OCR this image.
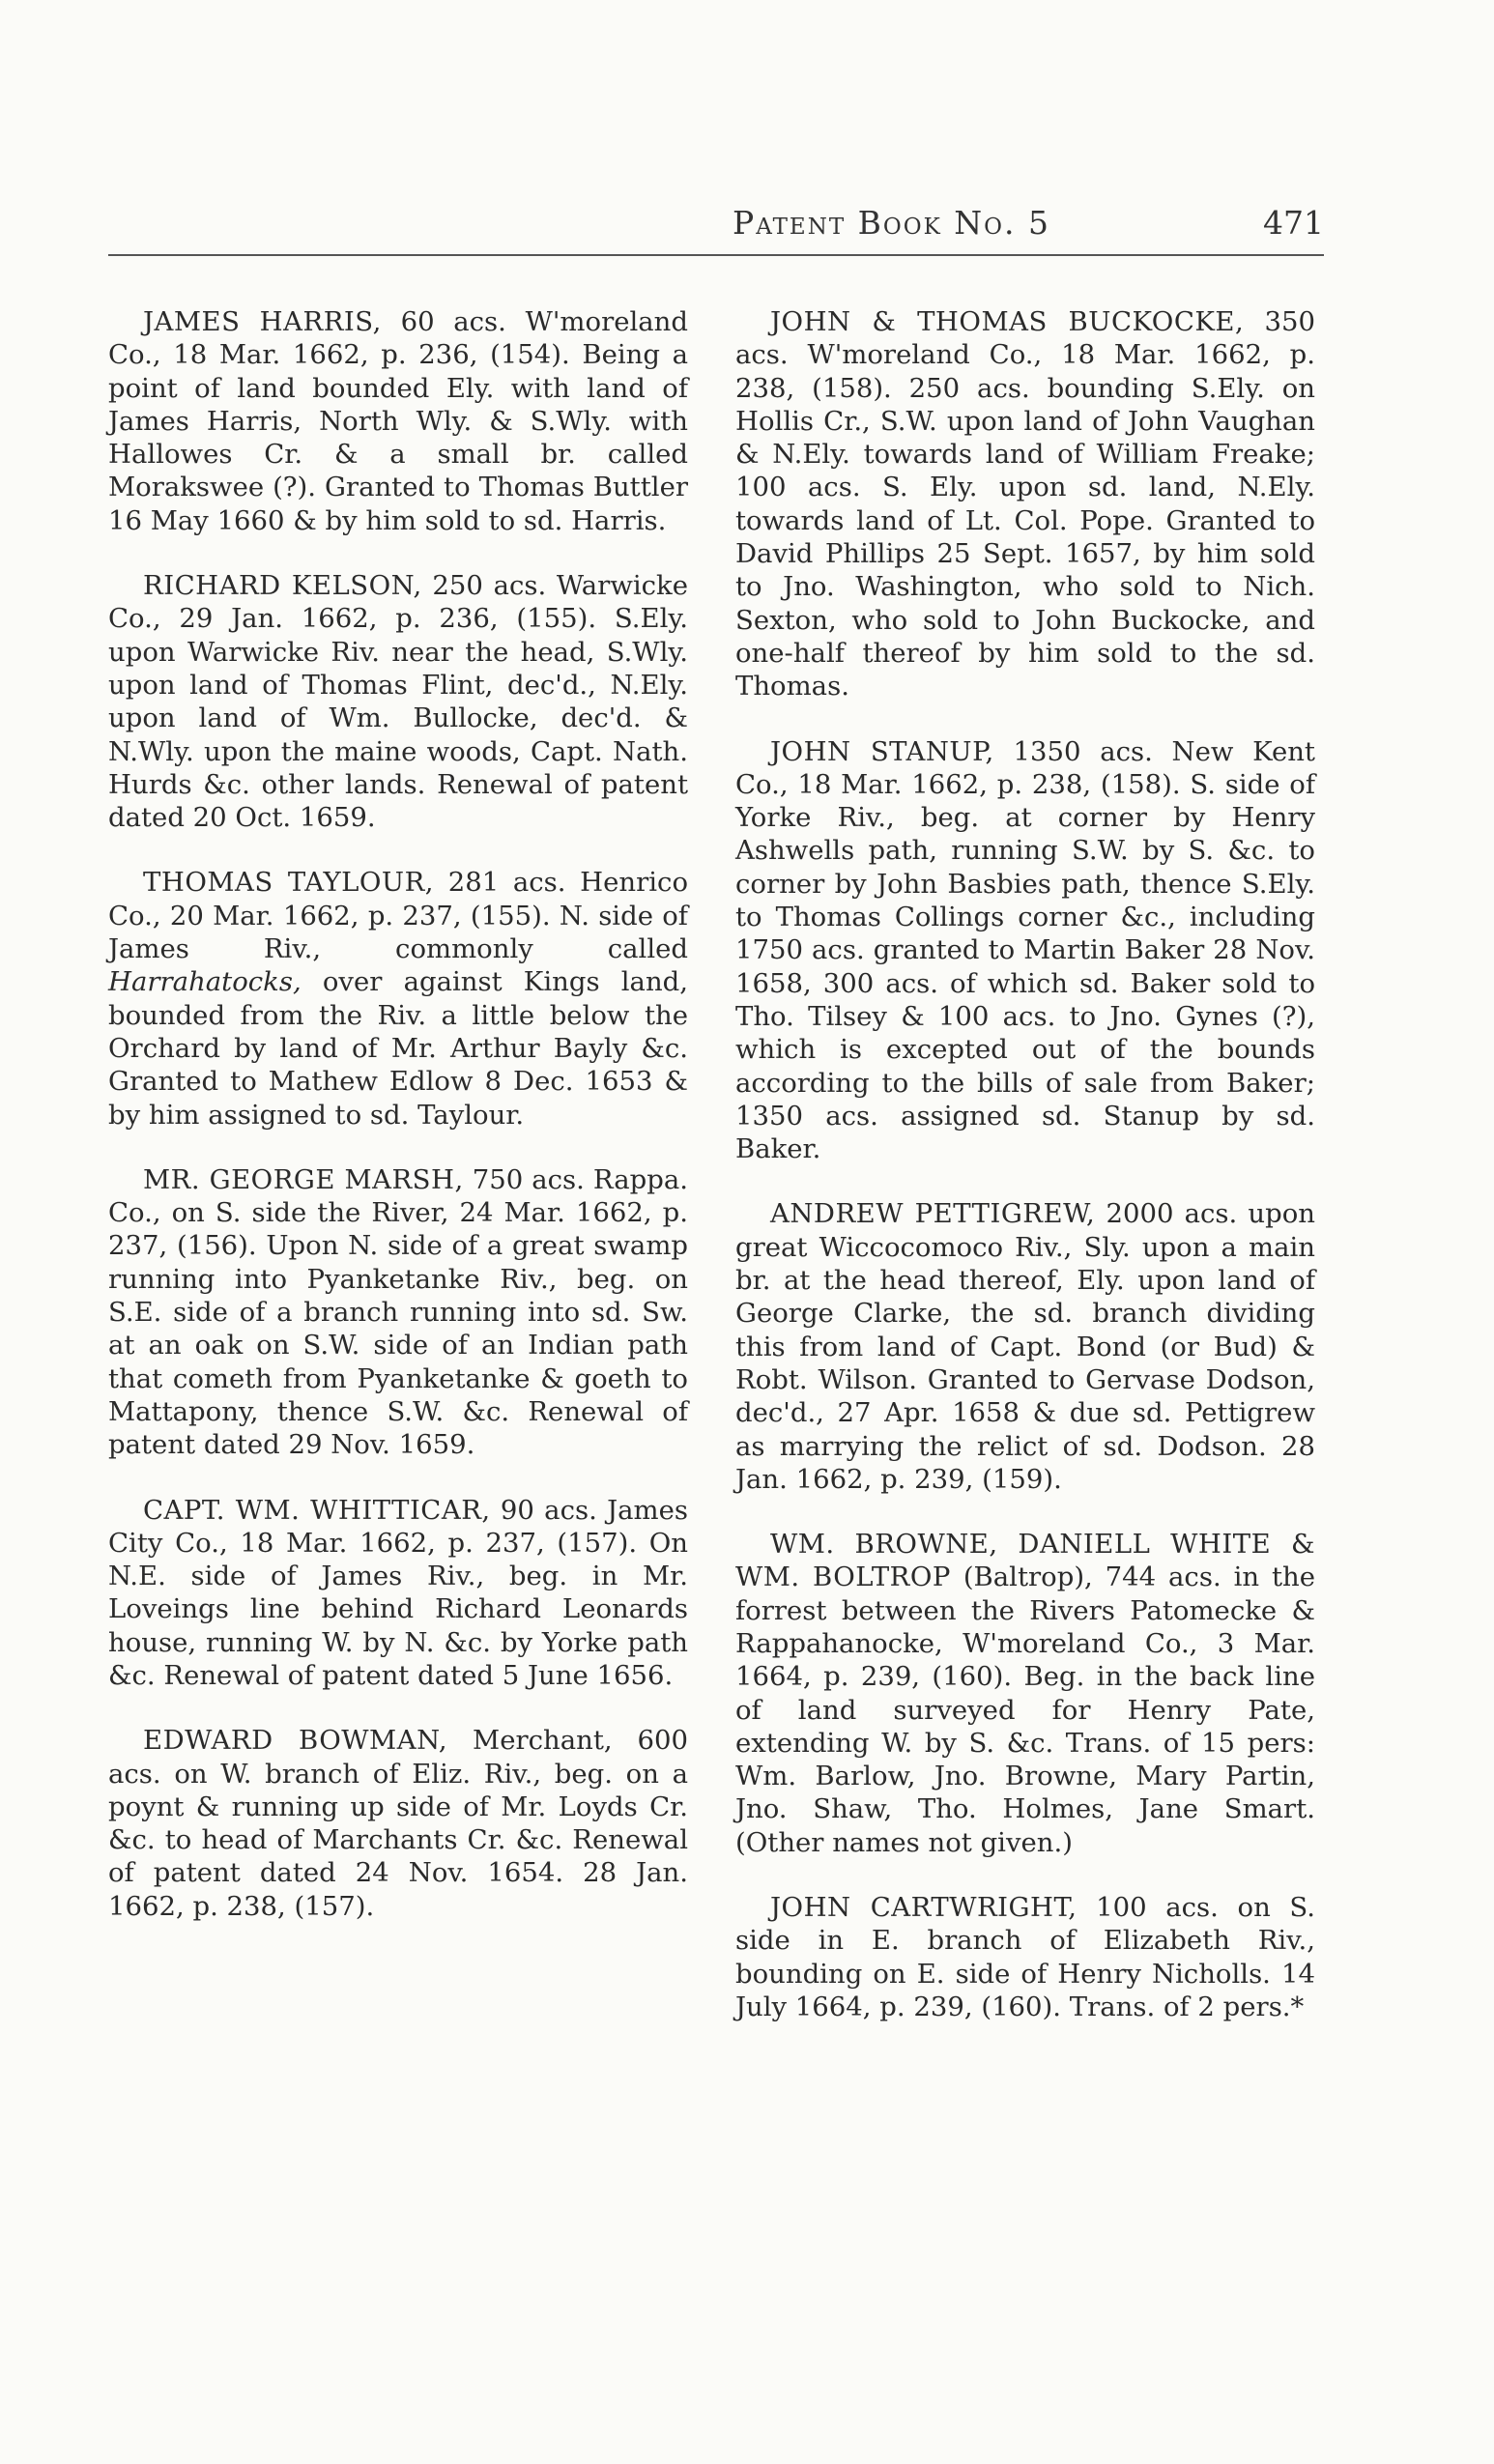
Patent Book No. 5	471

JAMES HARRIS, 60 acs. W'moreland Co., 18 Mar. 1662, p. 236, (154). Being a point of land bounded Ely. with land of James Harris, North Wly. & S.Wly. with Hallowes Cr. & a small br. called Morakswee (?). Granted to Thomas Buttler 16 May 1660 & by him sold to sd. Harris.

RICHARD KELSON, 250 acs. Warwicke Co., 29 Jan. 1662, p. 236, (155). S.Ely. upon Warwicke Riv. near the head, S.Wly. upon land of Thomas Flint, dec'd., N.Ely. upon land of Wm. Bullocke, dec'd. & N.Wly. upon the maine woods, Capt. Nath. Hurds &c. other lands. Renewal of patent dated 20 Oct. 1659.

THOMAS TAYLOUR, 281 acs. Henrico Co., 20 Mar. 1662, p. 237, (155). N. side of James Riv., commonly called Harrahatocks, over against Kings land, bounded from the Riv. a little below the Orchard by land of Mr. Arthur Bayly &c. Granted to Mathew Edlow 8 Dec. 1653 & by him assigned to sd. Taylour.

MR. GEORGE MARSH, 750 acs. Rappa. Co., on S. side the River, 24 Mar. 1662, p. 237, (156). Upon N. side of a great swamp running into Pyanketanke Riv., beg. on S.E. side of a branch running into sd. Sw. at an oak on S.W. side of an Indian path that cometh from Pyanketanke & goeth to Mattapony, thence S.W. &c. Renewal of patent dated 29 Nov. 1659.

CAPT. WM. WHITTICAR, 90 acs. James City Co., 18 Mar. 1662, p. 237, (157). On N.E. side of James Riv., beg. in Mr. Loveings line behind Richard Leonards house, running W. by N. &c. by Yorke path &c. Renewal of patent dated 5 June 1656.

EDWARD BOWMAN, Merchant, 600 acs. on W. branch of Eliz. Riv., beg. on a poynt & running up side of Mr. Loyds Cr. &c. to head of Marchants Cr. &c. Renewal of patent dated 24 Nov. 1654. 28 Jan. 1662, p. 238, (157).

JOHN & THOMAS BUCKOCKE, 350 acs. W'moreland Co., 18 Mar. 1662, p. 238, (158). 250 acs. bounding S.Ely. on Hollis Cr., S.W. upon land of John Vaughan & N.Ely. towards land of William Freake; 100 acs. S. Ely. upon sd. land, N.Ely. towards land of Lt. Col. Pope. Granted to David Phillips 25 Sept. 1657, by him sold to Jno. Washington, who sold to Nich. Sexton, who sold to John Buckocke, and one-half thereof by him sold to the sd. Thomas.

JOHN STANUP, 1350 acs. New Kent Co., 18 Mar. 1662, p. 238, (158). S. side of Yorke Riv., beg. at corner by Henry Ashwells path, running S.W. by S. &c. to corner by John Basbies path, thence S.Ely. to Thomas Collings corner &c., including 1750 acs. granted to Martin Baker 28 Nov. 1658, 300 acs. of which sd. Baker sold to Tho. Tilsey & 100 acs. to Jno. Gynes (?), which is excepted out of the bounds according to the bills of sale from Baker; 1350 acs. assigned sd. Stanup by sd. Baker.

ANDREW PETTIGREW, 2000 acs. upon great Wiccocomoco Riv., Sly. upon a main br. at the head thereof, Ely. upon land of George Clarke, the sd. branch dividing this from land of Capt. Bond (or Bud) & Robt. Wilson. Granted to Gervase Dodson, dec'd., 27 Apr. 1658 & due sd. Pettigrew as marrying the relict of sd. Dodson. 28 Jan. 1662, p. 239, (159).

WM. BROWNE, DANIELL WHITE & WM. BOLTROP (Baltrop), 744 acs. in the forrest between the Rivers Patomecke & Rappahanocke, W'moreland Co., 3 Mar. 1664, p. 239, (160). Beg. in the back line of land surveyed for Henry Pate, extending W. by S. &c. Trans. of 15 pers: Wm. Barlow, Jno. Browne, Mary Partin, Jno. Shaw, Tho. Holmes, Jane Smart. (Other names not given.)

JOHN CARTWRIGHT, 100 acs. on S. side in E. branch of Elizabeth Riv., bounding on E. side of Henry Nicholls. 14 July 1664, p. 239, (160). Trans. of 2 pers.*
